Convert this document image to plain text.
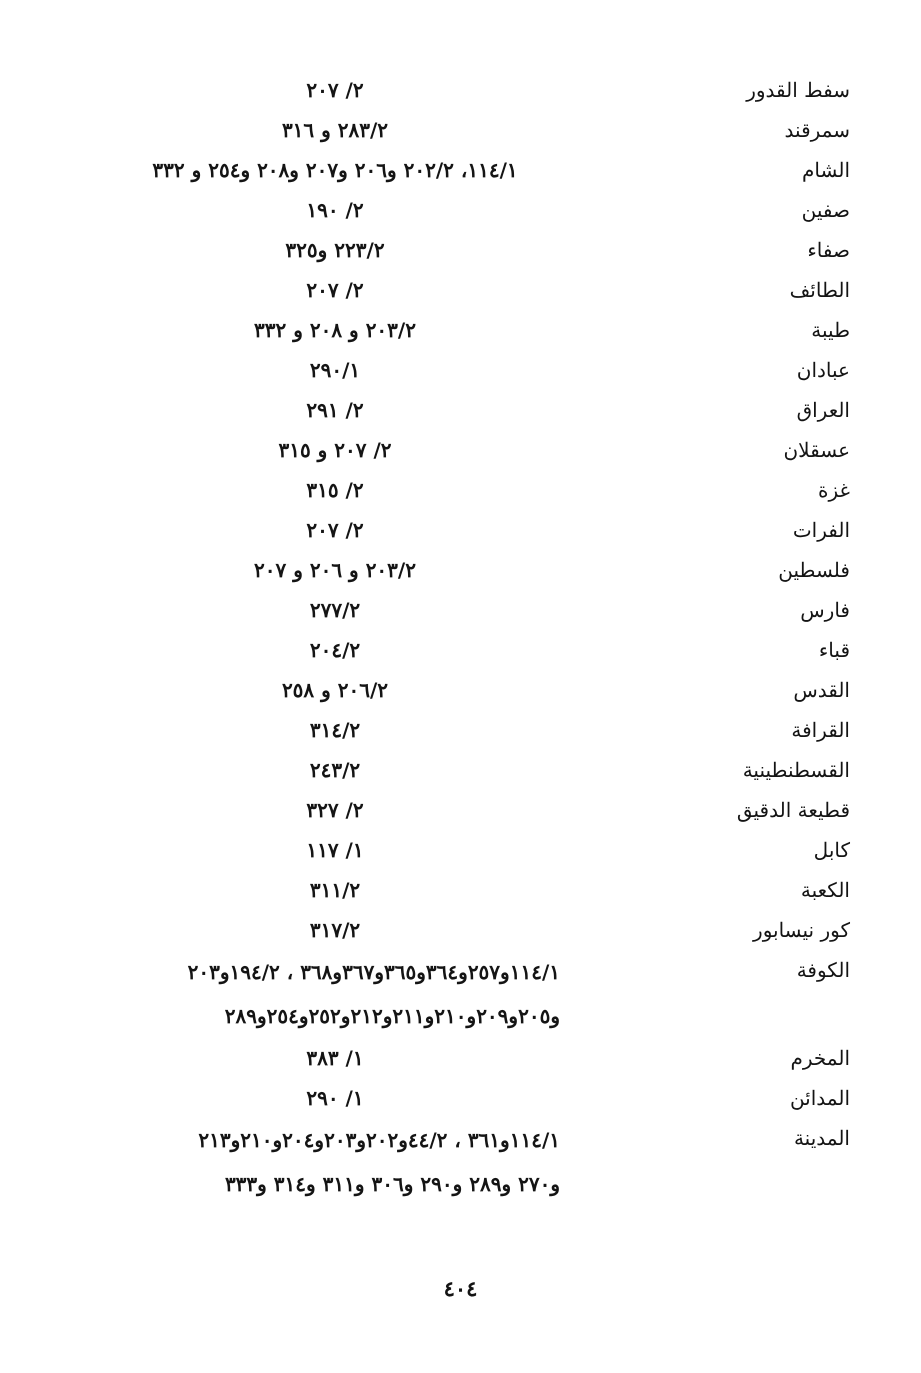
سفط القدور
٢/ ٢٠٧
سمرقند
٢٨٣/٢ و ٣١٦
الشام
١١٤/١، ٢٠٢/٢ و٢٠٦ و٢٠٧ و٢٠٨ و٢٥٤ و ٣٣٢
صفين
٢/ ١٩٠
صفاء
٢٢٣/٢ و٣٢٥
الطائف
٢/ ٢٠٧
طيبة
٢٠٣/٢ و ٢٠٨ و ٣٣٢
عبادان
٢٩٠/١
العراق
٢/ ٢٩١
عسقلان
٢/ ٢٠٧ و ٣١٥
غزة
٢/ ٣١٥
الفرات
٢/ ٢٠٧
فلسطين
٢٠٣/٢ و ٢٠٦ و ٢٠٧
فارس
٢٧٧/٢
قباء
٢٠٤/٢
القدس
٢٠٦/٢ و ٢٥٨
القرافة
٣١٤/٢
القسطنطينية
٢٤٣/٢
قطيعة الدقيق
٢/ ٣٢٧
كابل
١/ ١١٧
الكعبة
٣١١/٢
كور نيسابور
٣١٧/٢
الكوفة
١١٤/١و٢٥٧و٣٦٤و٣٦٥و٣٦٧و٣٦٨ ، ١٩٤/٢و٢٠٣
و٢٠٥و٢٠٩و٢١٠و٢١١و٢١٢و٢٥٢و٢٥٤و٢٨٩
المخرم
١/ ٣٨٣
المدائن
١/ ٢٩٠
المدينة
١١٤/١و٣٦١ ، ٤٤/٢و٢٠٢و٢٠٣و٢٠٤و٢١٠و٢١٣
و٢٧٠ و٢٨٩ و٢٩٠ و٣٠٦ و٣١١ و٣١٤ و٣٣٣
٤٠٤
